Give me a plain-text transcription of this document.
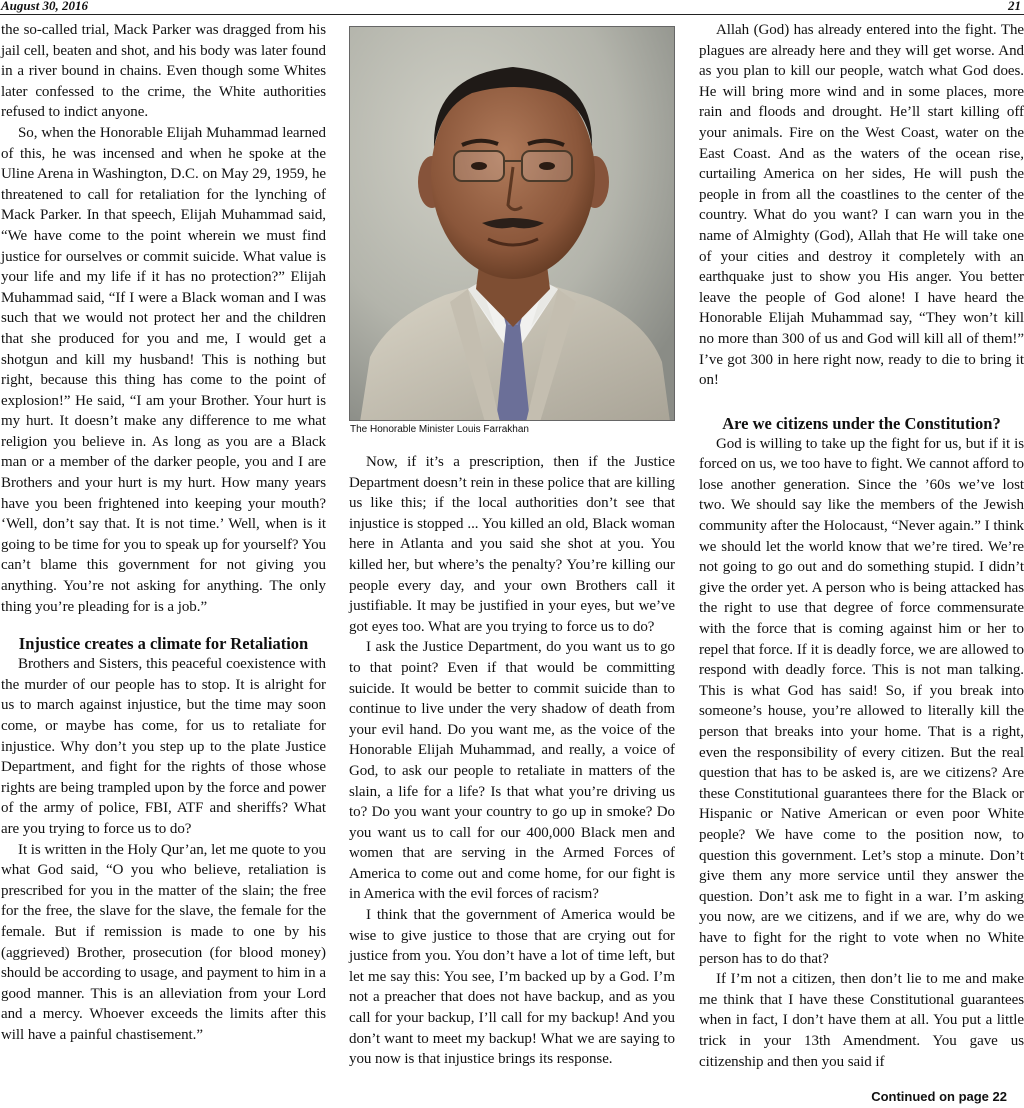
August 30, 2016	21

the so-called trial, Mack Parker was dragged from his jail cell, beaten and shot, and his body was later found in a river bound in chains. Even though some Whites later confessed to the crime, the White authorities refused to indict anyone.

So, when the Honorable Elijah Muhammad learned of this, he was incensed and when he spoke at the Uline Arena in Washington, D.C. on May 29, 1959, he threatened to call for retaliation for the lynching of Mack Parker. In that speech, Elijah Muhammad said, “We have come to the point wherein we must find justice for ourselves or commit suicide. What value is your life and my life if it has no protection?” Elijah Muhammad said, “If I were a Black woman and I was such that we would not protect her and the children that she produced for you and me, I would get a shotgun and kill my husband! This is nothing but right, because this thing has come to the point of explosion!” He said, “I am your Brother. Your hurt is my hurt. It doesn’t make any difference to me what religion you believe in. As long as you are a Black man or a member of the darker people, you and I are Brothers and your hurt is my hurt. How many years have you been frightened into keeping your mouth? ‘Well, don’t say that. It is not time.’ Well, when is it going to be time for you to speak up for yourself? You can’t blame this government for not giving you anything. You’re not asking for anything. The only thing you’re pleading for is a job.”

Injustice creates a climate for Retaliation

Brothers and Sisters, this peaceful coexistence with the murder of our people has to stop. It is alright for us to march against injustice, but the time may soon come, or maybe has come, for us to retaliate for injustice. Why don’t you step up to the plate Justice Department, and fight for the rights of those whose rights are being trampled upon by the force and power of the army of police, FBI, ATF and sheriffs? What are you trying to force us to do?

It is written in the Holy Qur’an, let me quote to you what God said, “O you who believe, retaliation is prescribed for you in the matter of the slain; the free for the free, the slave for the slave, the female for the female. But if remission is made to one by his (aggrieved) Brother, prosecution (for blood money) should be according to usage, and payment to him in a good manner. This is an alleviation from your Lord and a mercy. Whoever exceeds the limits after this will have a painful chastisement.”

The Honorable Minister Louis Farrakhan

Now, if it’s a prescription, then if the Justice Department doesn’t rein in these police that are killing us like this; if the local authorities don’t see that injustice is stopped ... You killed an old, Black woman here in Atlanta and you said she shot at you. You killed her, but where’s the penalty? You’re killing our people every day, and your own Brothers call it justifiable. It may be justified in your eyes, but we’ve got eyes too. What are you trying to force us to do?

I ask the Justice Department, do you want us to go to that point? Even if that would be committing suicide. It would be better to commit suicide than to continue to live under the very shadow of death from your evil hand. Do you want me, as the voice of the Honorable Elijah Muhammad, and really, a voice of God, to ask our people to retaliate in matters of the slain, a life for a life? Is that what you’re driving us to? Do you want your country to go up in smoke? Do you want us to call for our 400,000 Black men and women that are serving in the Armed Forces of America to come out and come home, for our fight is in America with the evil forces of racism?

I think that the government of America would be wise to give justice to those that are crying out for justice from you. You don’t have a lot of time left, but let me say this: You see, I’m backed up by a God. I’m not a preacher that does not have backup, and as you call for your backup, I’ll call for my backup! And you don’t want to meet my backup! What we are saying to you now is that injustice brings its response.

Allah (God) has already entered into the fight. The plagues are already here and they will get worse. And as you plan to kill our people, watch what God does. He will bring more wind and in some places, more rain and floods and drought. He’ll start killing off your animals. Fire on the West Coast, water on the East Coast. And as the waters of the ocean rise, curtailing America on her sides, He will push the people in from all the coastlines to the center of the country. What do you want? I can warn you in the name of Almighty (God), Allah that He will take one of your cities and destroy it completely with an earthquake just to show you His anger. You better leave the people of God alone! I have heard the Honorable Elijah Muhammad say, “They won’t kill no more than 300 of us and God will kill all of them!” I’ve got 300 in here right now, ready to die to bring it on!

Are we citizens under the Constitution?

God is willing to take up the fight for us, but if it is forced on us, we too have to fight. We cannot afford to lose another generation. Since the ’60s we’ve lost two. We should say like the members of the Jewish community after the Holocaust, “Never again.” I think we should let the world know that we’re tired. We’re not going to go out and do something stupid. I didn’t give the order yet. A person who is being attacked has the right to use that degree of force commensurate with the force that is coming against him or her to repel that force. If it is deadly force, we are allowed to respond with deadly force. This is not man talking. This is what God has said! So, if you break into someone’s house, you’re allowed to literally kill the person that breaks into your home. That is a right, even the responsibility of every citizen. But the real question that has to be asked is, are we citizens? Are these Constitutional guarantees there for the Black or Hispanic or Native American or even poor White people? We have come to the position now, to question this government. Let’s stop a minute. Don’t give them any more service until they answer the question. Don’t ask me to fight in a war. I’m asking you now, are we citizens, and if we are, why do we have to fight for the right to vote when no White person has to do that?

If I’m not a citizen, then don’t lie to me and make me think that I have these Constitutional guarantees when in fact, I don’t have them at all. You put a little trick in your 13th Amendment. You gave us citizenship and then you said if

Continued on page 22
